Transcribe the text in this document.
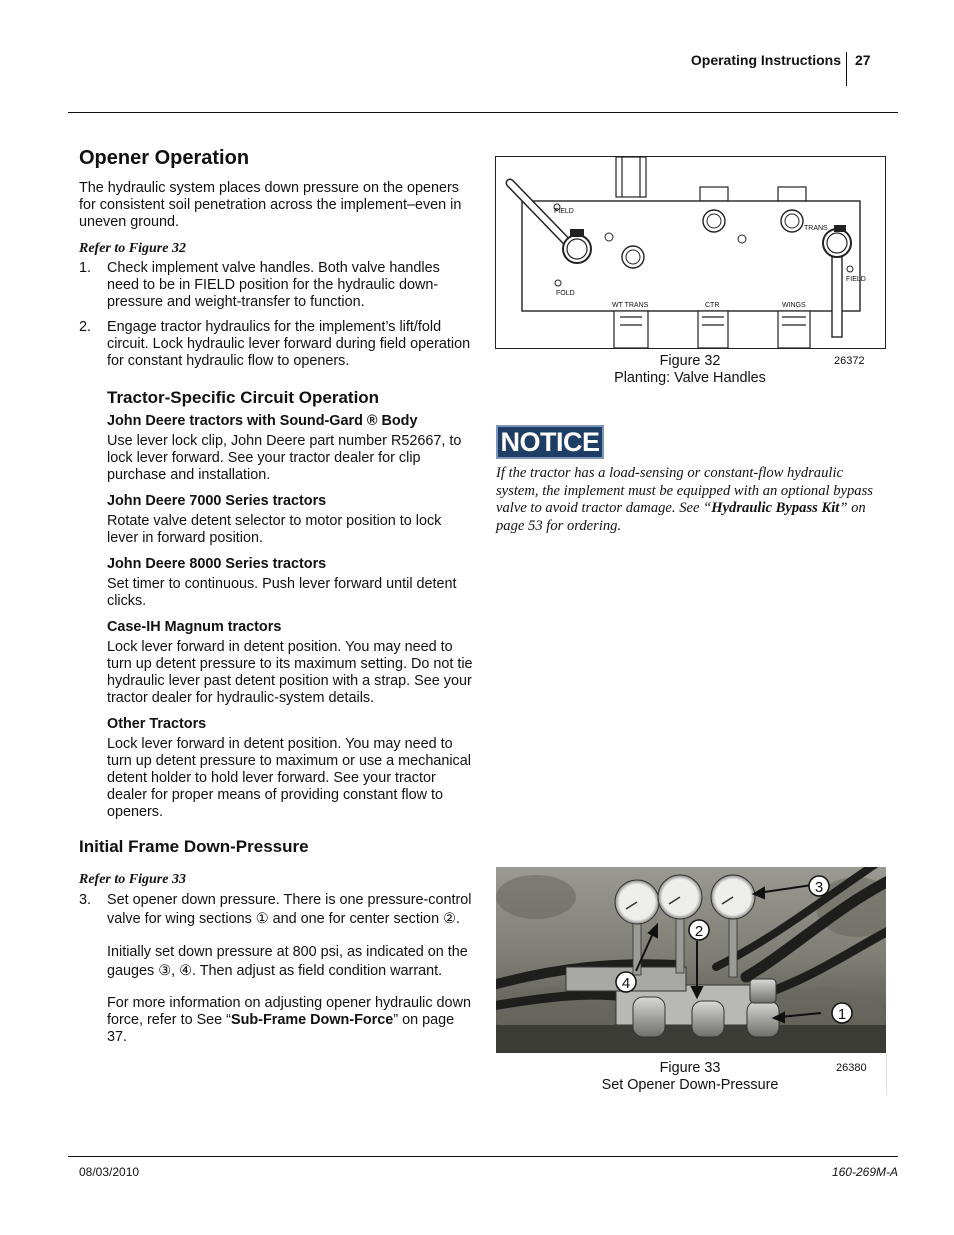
Operating Instructions 27
Opener Operation

The hydraulic system places down pressure on the openers for consistent soil penetration across the implement–even in uneven ground.

Refer to Figure 32

1.	Check implement valve handles. Both valve handles need to be in FIELD position for the hydraulic down-pressure and weight-transfer to function.
2.	Engage tractor hydraulics for the implement’s lift/fold circuit. Lock hydraulic lever forward during field operation for constant hydraulic flow to openers.
Tractor-Specific Circuit Operation
John Deere tractors with Sound-Gard ® Body

Use lever lock clip, John Deere part number R52667, to lock lever forward. See your tractor dealer for clip purchase and installation.

John Deere 7000 Series tractors

Rotate valve detent selector to motor position to lock lever in forward position.

John Deere 8000 Series tractors

Set timer to continuous. Push lever forward until detent clicks.

Case-IH Magnum tractors

Lock lever forward in detent position. You may need to turn up detent pressure to its maximum setting. Do not tie hydraulic lever past detent position with a strap. See your tractor dealer for hydraulic-system details.

Other Tractors

Lock lever forward in detent position. You may need to turn up detent pressure to maximum or use a mechanical detent holder to hold lever forward. See your tractor dealer for proper means of providing constant flow to openers.

Initial Frame Down-Pressure

Refer to Figure 33

3.	Set opener down pressure. There is one pressure-control valve for wing sections ① and one for center section ②.

Initially set down pressure at 800 psi, as indicated on the gauges ③, ④. Then adjust as field condition warrant.

For more information on adjusting opener hydraulic down force, refer to See “Sub-Frame Down-Force” on page 37.

FIELD
FOLD
TRANS
FIELD
WT TRANS	CTR	WINGS
Figure 32
Planting: Valve Handles
26372
NOTICE
If the tractor has a load-sensing or constant-flow hydraulic system, the implement must be equipped with an optional bypass valve to avoid tractor damage. See “Hydraulic Bypass Kit” on page 53 for ordering.
3
2
4
1
Figure 33
Set Opener Down-Pressure
26380
08/03/2010	160-269M-A
